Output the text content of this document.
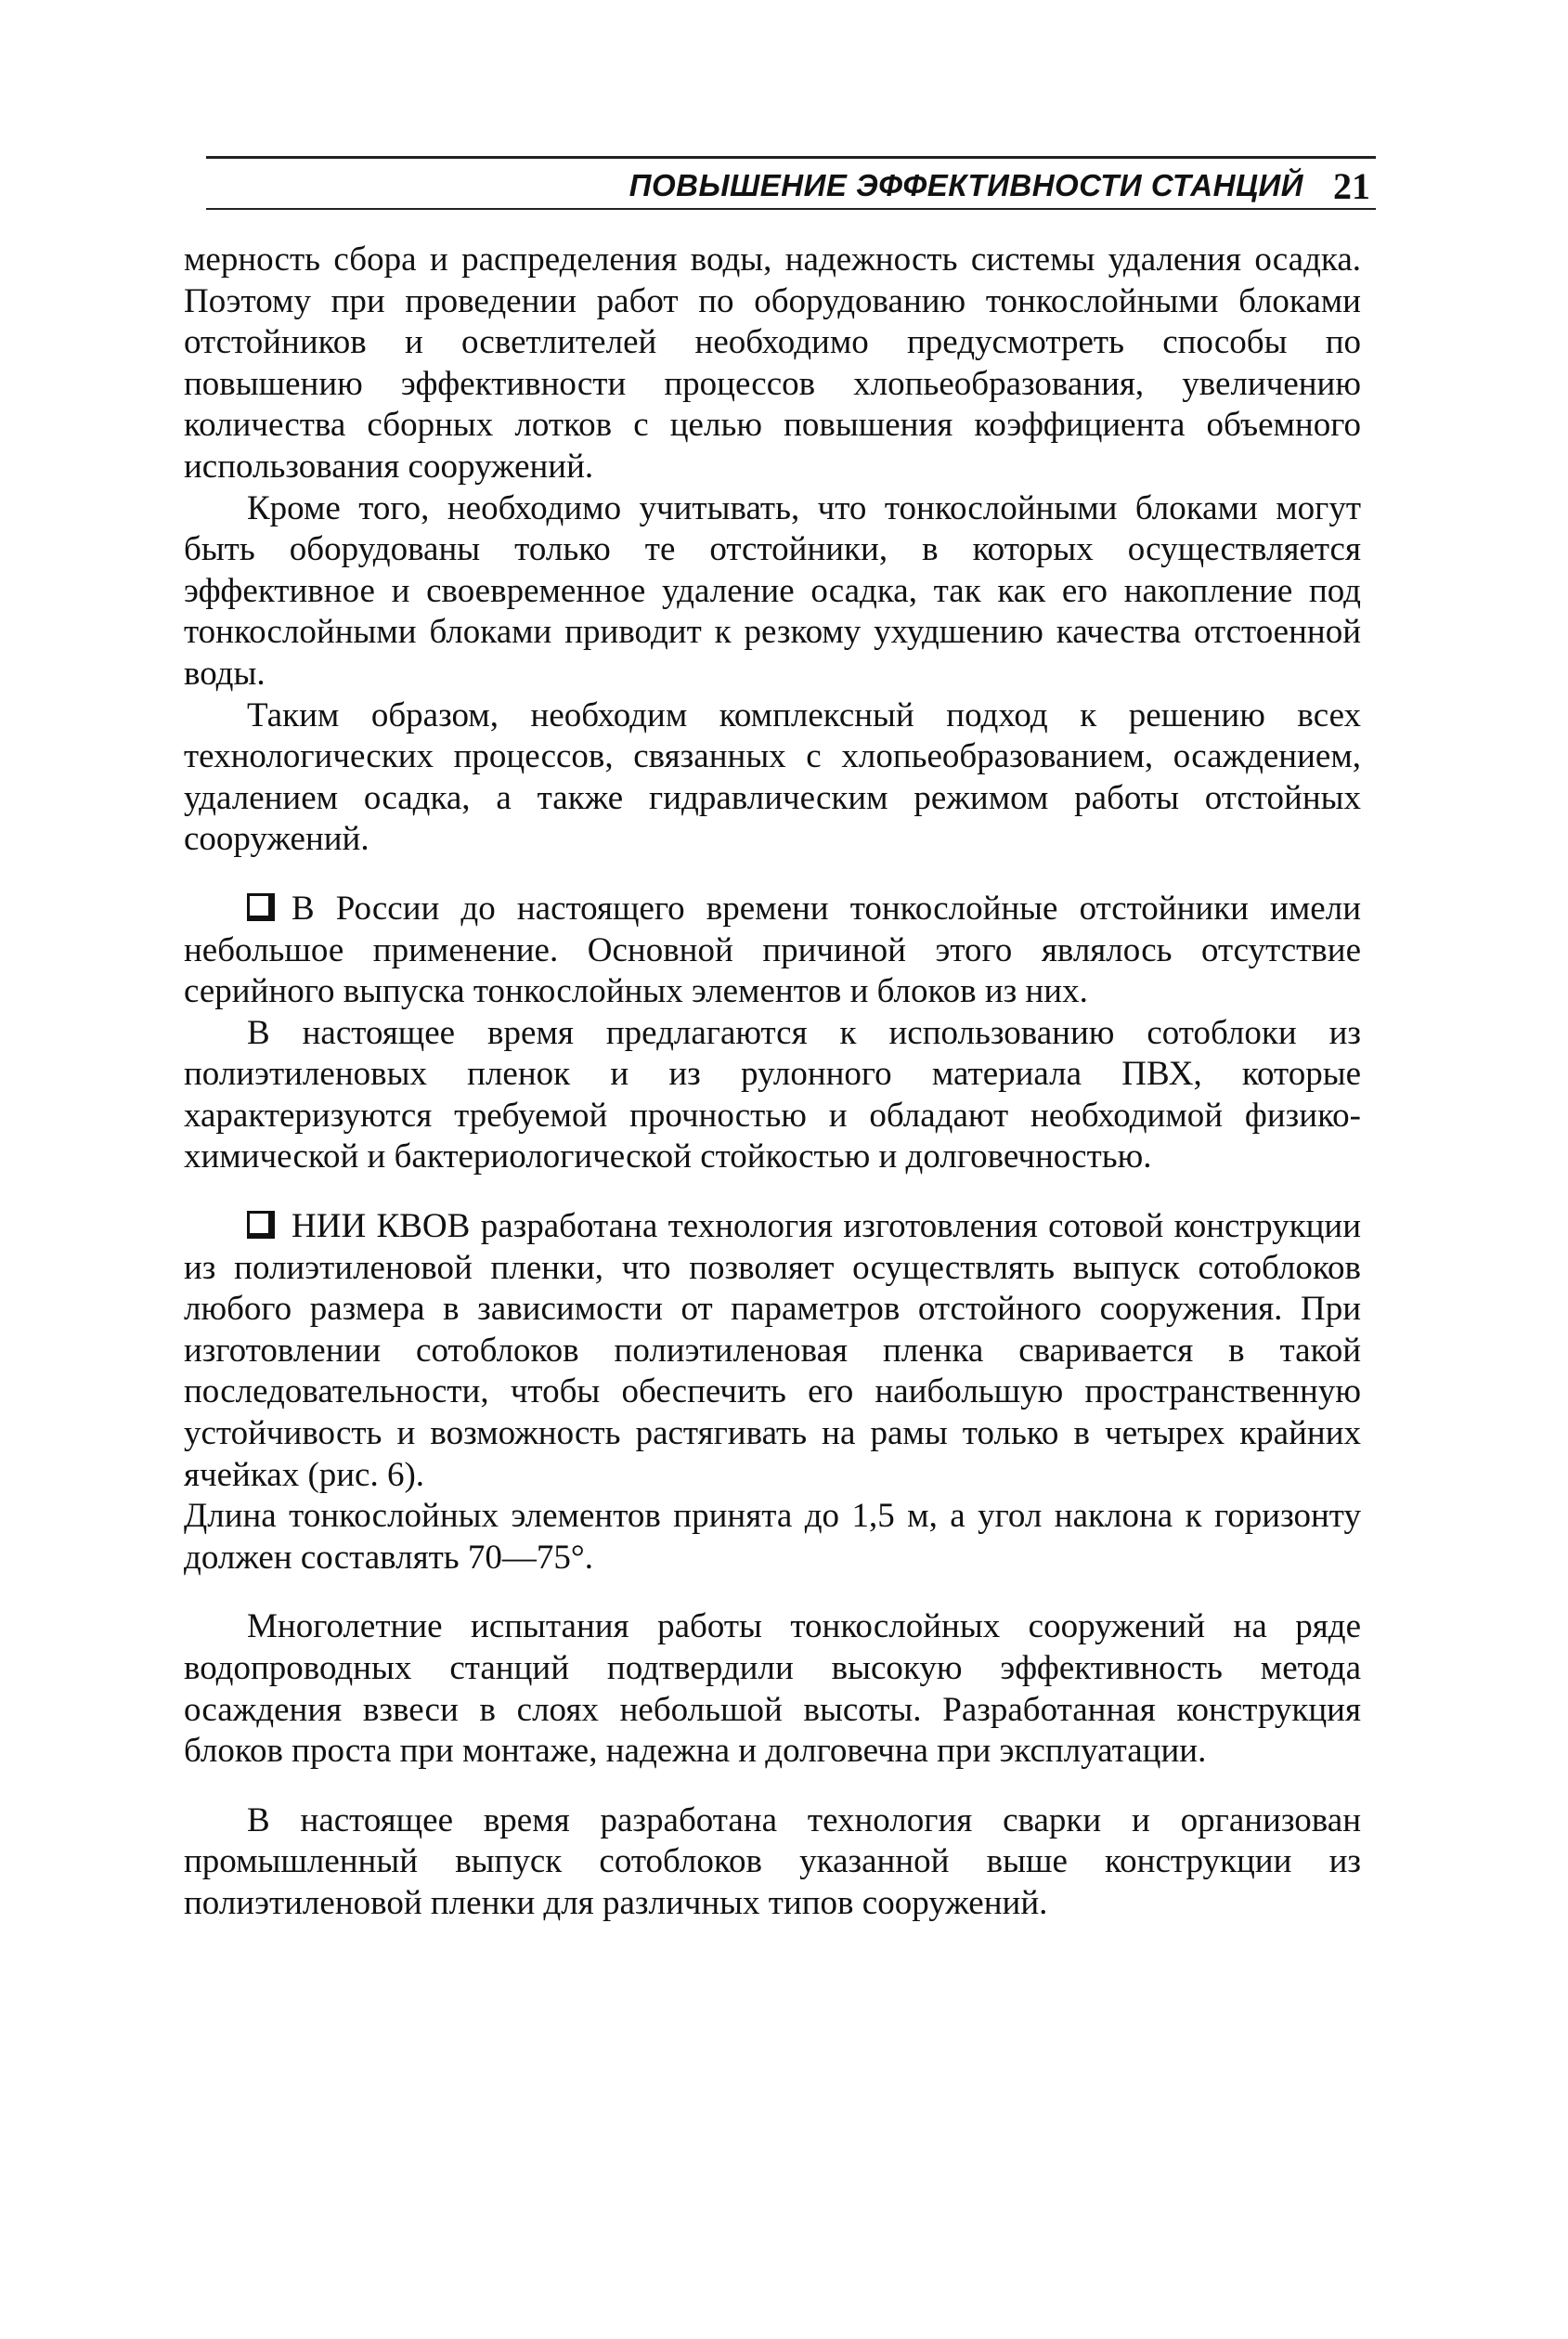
ПОВЫШЕНИЕ ЭФФЕКТИВНОСТИ СТАНЦИЙ 21

мерность сбора и распределения воды, надежность системы удаления осадка. Поэтому при проведении работ по оборудованию тонкослойными блоками отстойников и осветлителей необходимо предусмотреть способы по повышению эффективности процессов хлопьеобразования, увеличению количества сборных лотков с целью повышения коэффициента объемного использования сооружений.

Кроме того, необходимо учитывать, что тонкослойными блоками могут быть оборудованы только те отстойники, в которых осуществляется эффективное и своевременное удаление осадка, так как его накопление под тонкослойными блоками приводит к резкому ухудшению качества отстоенной воды.

Таким образом, необходим комплексный подход к решению всех технологических процессов, связанных с хлопьеобразованием, осаждением, удалением осадка, а также гидравлическим режимом работы отстойных сооружений.

В России до настоящего времени тонкослойные отстойники имели небольшое применение. Основной причиной этого являлось отсутствие серийного выпуска тонкослойных элементов и блоков из них.

В настоящее время предлагаются к использованию сотоблоки из полиэтиленовых пленок и из рулонного материала ПВХ, которые характеризуются требуемой прочностью и обладают необходимой физико-химической и бактериологической стойкостью и долговечностью.

НИИ КВОВ разработана технология изготовления сотовой конструкции из полиэтиленовой пленки, что позволяет осуществлять выпуск сотоблоков любого размера в зависимости от параметров отстойного сооружения. При изготовлении сотоблоков полиэтиленовая пленка сваривается в такой последовательности, чтобы обеспечить его наибольшую пространственную устойчивость и возможность растягивать на рамы только в четырех крайних ячейках (рис. 6).

Длина тонкослойных элементов принята до 1,5 м, а угол наклона к горизонту должен составлять 70—75°.

Многолетние испытания работы тонкослойных сооружений на ряде водопроводных станций подтвердили высокую эффективность метода осаждения взвеси в слоях небольшой высоты. Разработанная конструкция блоков проста при монтаже, надежна и долговечна при эксплуатации.

В настоящее время разработана технология сварки и организован промышленный выпуск сотоблоков указанной выше конструкции из полиэтиленовой пленки для различных типов сооружений.
